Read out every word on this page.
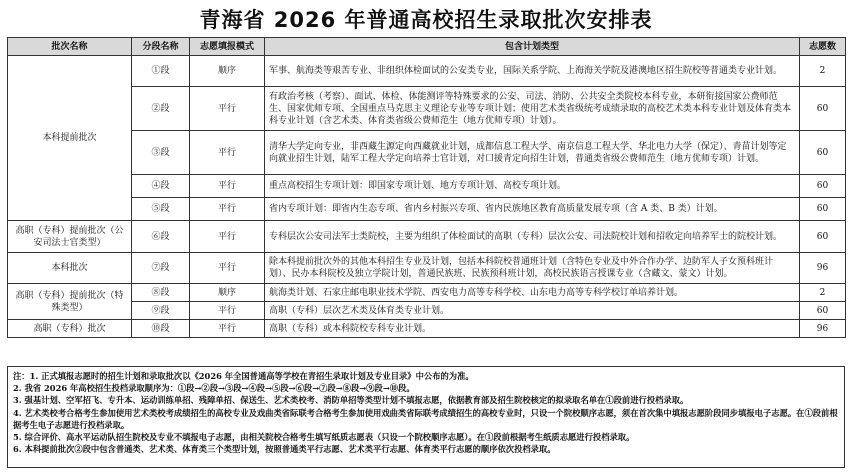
青海省 2026 年普通高校招生录取批次安排表
批次名称	分段名称	志愿填报模式	包含计划类型	志愿数
本科提前批次	①段	顺序	军事、航海类等艰苦专业、非组织体检面试的公安类专业，国际关系学院、上海海关学院及港澳地区招生院校等普通类专业计划。	2
	②段	平行	有政治考核（考察）、面试、体检、体能测评等特殊要求的公安、司法、消防、公共安全类院校本科专业，本研衔接国家公费师范生、国家优师专项、全国重点马克思主义理论专业等专项计划；使用艺术类省级统考成绩录取的高校艺术类本科专业计划及体育类本科专业计划（含艺术类、体育类省级公费师范生（地方优师专项）计划）。	60
	③段	平行	清华大学定向专业，非西藏生源定向西藏就业计划，成都信息工程大学、南京信息工程大学、华北电力大学（保定）、青苗计划等定向就业招生计划，陆军工程大学定向培养士官计划，对口援青定向招生计划，普通类省级公费师范生（地方优师专项）计划。	60
	④段	平行	重点高校招生专项计划：即国家专项计划、地方专项计划、高校专项计划。	60
	⑤段	平行	省内专项计划：即省内生态专项、省内乡村振兴专项、省内民族地区教育高质量发展专项（含 A 类、B 类）计划。	60
高职（专科）提前批次（公安司法士官类型）	⑥段	平行	专科层次公安司法军士类院校，主要为组织了体检面试的高职（专科）层次公安、司法院校计划和招收定向培养军士的院校计划。	60
本科批次	⑦段	平行	除本科提前批次外的其他本科招生专业及计划，包括本科院校普通班计划（含特色专业及中外合作办学、边防军人子女预科班计划）、民办本科院校及独立学院计划，普通民族班、民族预科班计划，高校民族语言授课专业（含藏文、蒙文）计划。	96
高职（专科）提前批次（特殊类型）	⑧段	顺序	航海类计划、石家庄邮电职业技术学院、西安电力高等专科学校、山东电力高等专科学校订单培养计划。	2
	⑨段	平行	高职（专科）层次艺术类及体育类专业计划。	60
高职（专科）批次	⑩段	平行	高职（专科）或本科院校专科专业计划。	96
注：1. 正式填报志愿时的招生计划和录取批次以《2026 年全国普通高等学校在青招生录取计划及专业目录》中公布的为准。
2. 我省 2026 年高校招生投档录取顺序为：①段→②段→③段→④段→⑤段→⑥段→⑦段→⑧段→⑨段→⑩段。
3. 强基计划、空军招飞、专升本、运动训练单招、残障单招、保送生、艺术类校考、消防单招等类型计划不填报志愿，依据教育部及招生院校核定的拟录取名单在①段前进行投档录取。
4. 艺术类校考合格考生参加使用艺术类校考成绩招生的高校专业及戏曲类省际联考合格考生参加使用戏曲类省际联考成绩招生的高校专业时，只设一个院校顺序志愿，须在首次集中填报志愿阶段同步填报电子志愿。在①段前根据考生电子志愿进行投档录取。
5. 综合评价、高水平运动队招生院校及专业不填报电子志愿，由相关院校合格考生填写纸质志愿表（只设一个院校顺序志愿）。在①段前根据考生纸质志愿进行投档录取。
6. 本科提前批次②段中包含普通类、艺术类、体育类三个类型计划，按照普通类平行志愿、艺术类平行志愿、体育类平行志愿的顺序依次投档录取。
